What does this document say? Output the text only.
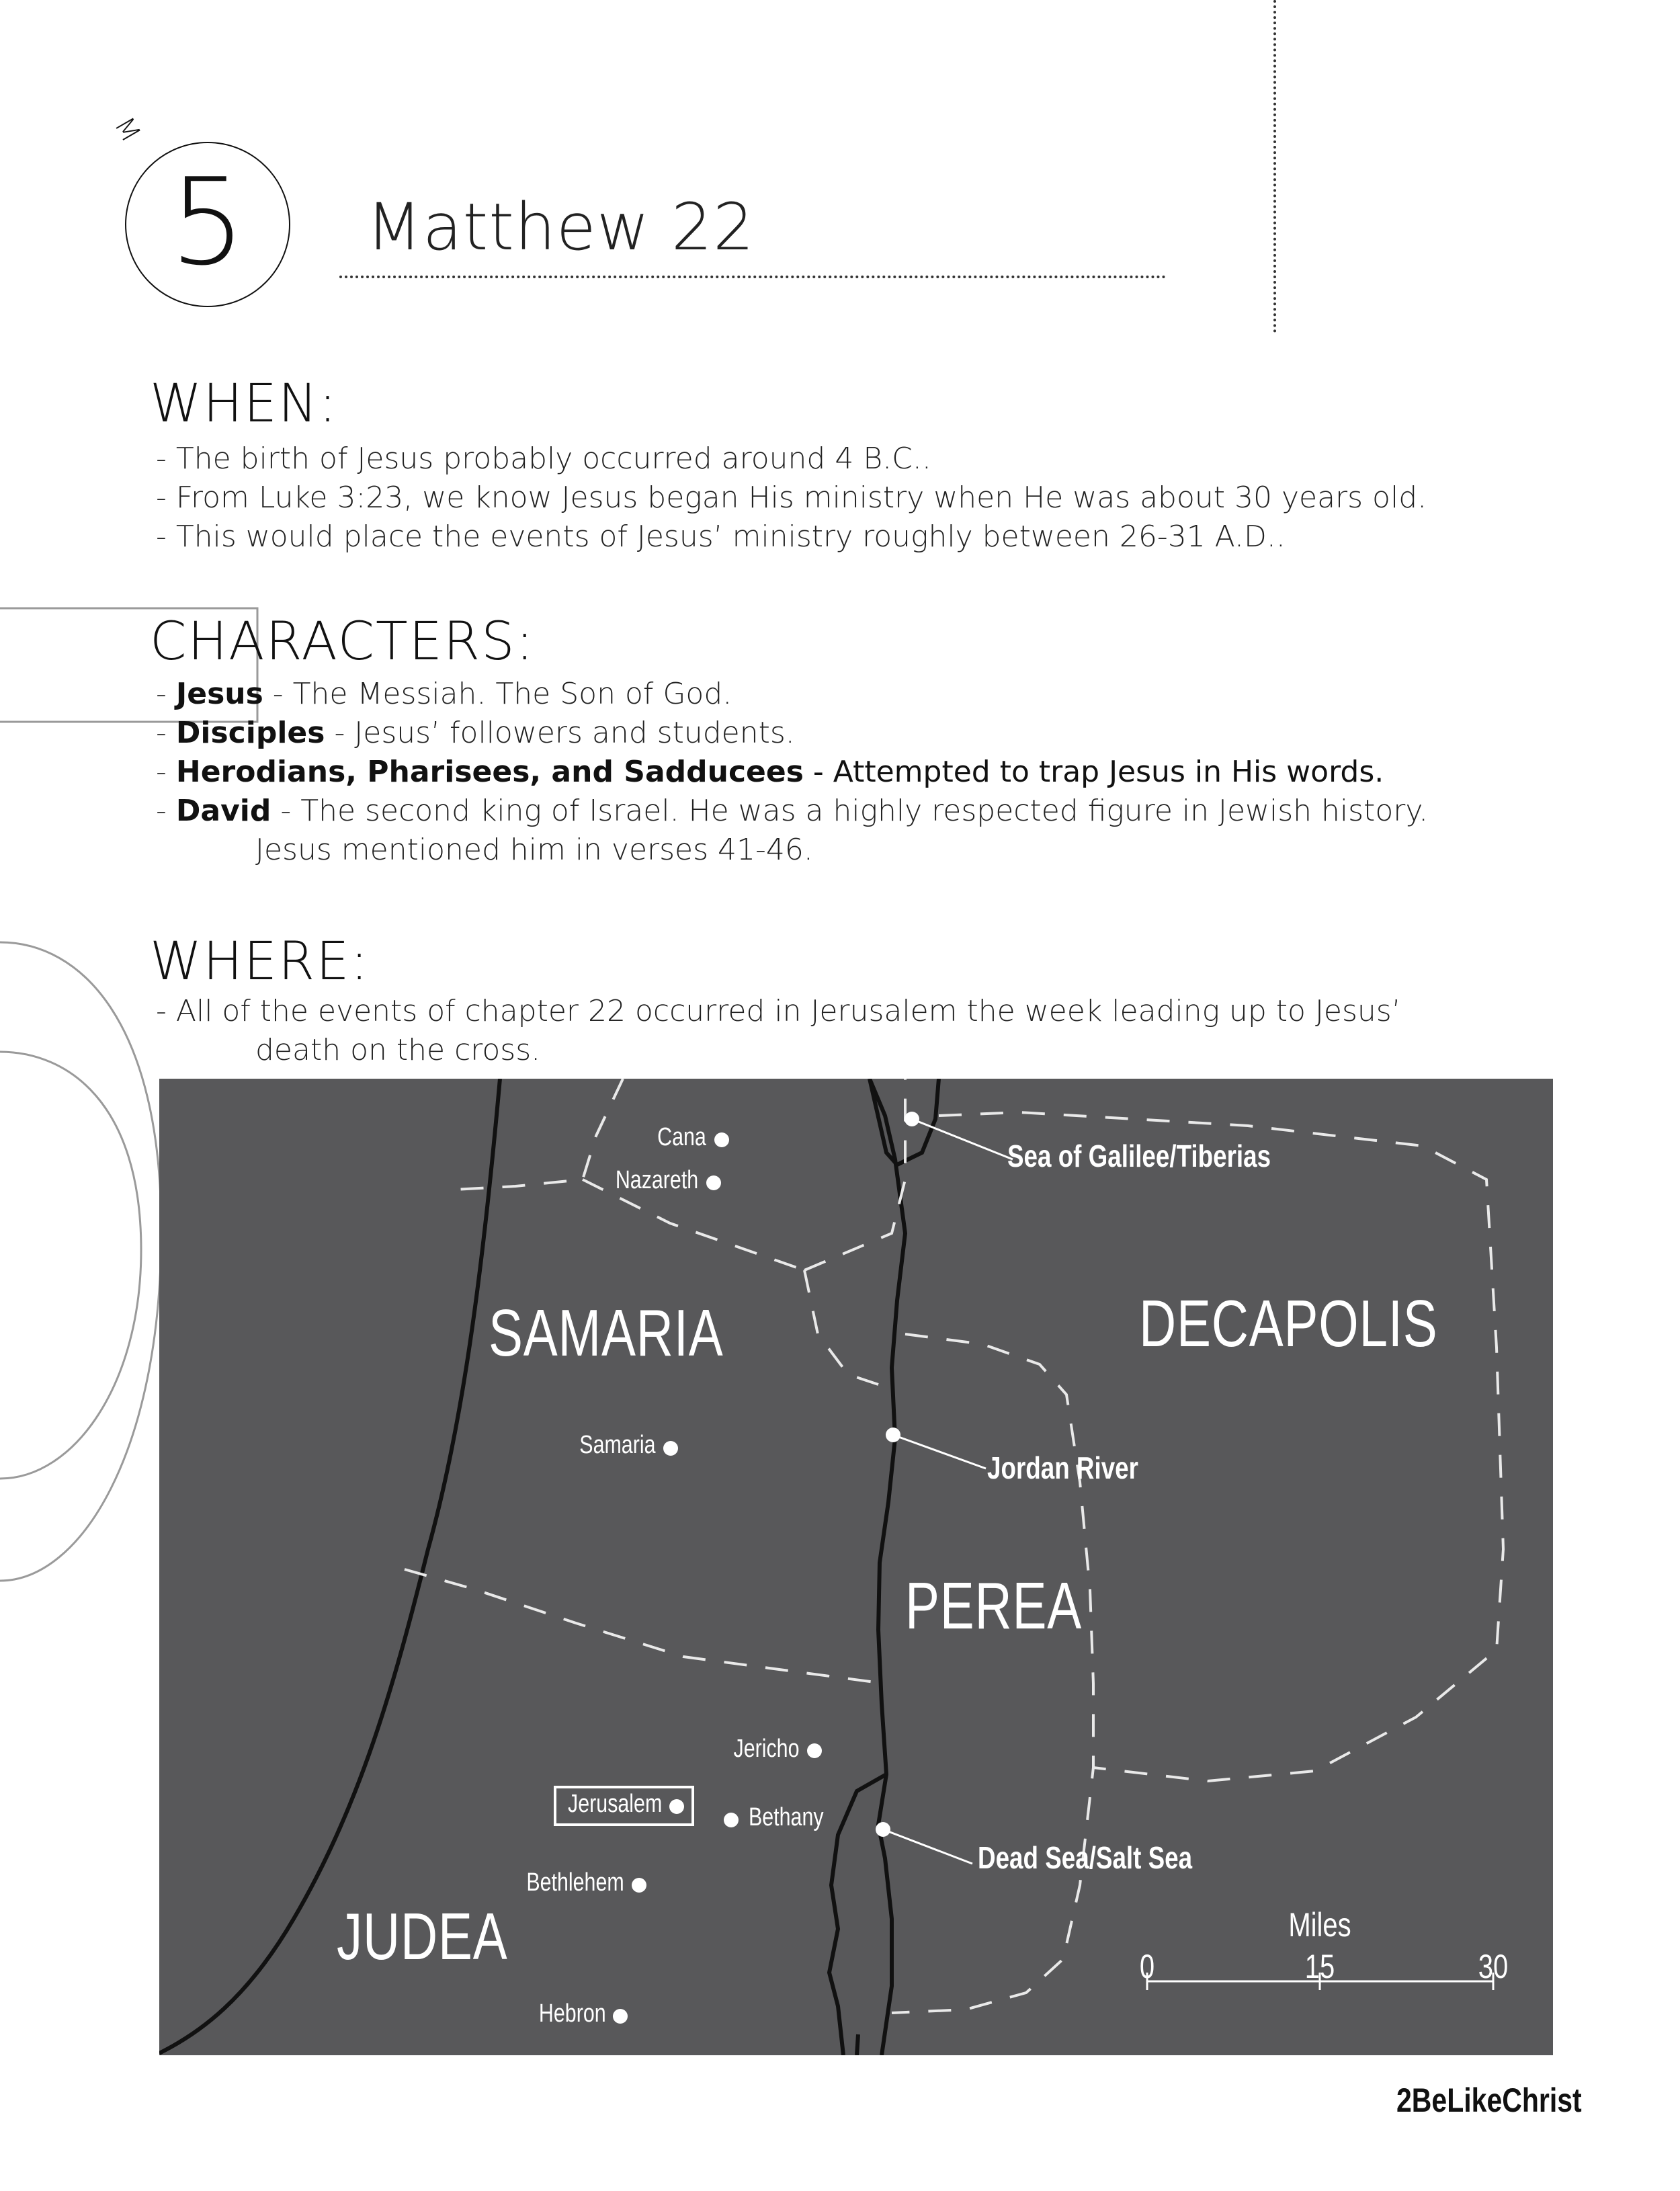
M
5 Matthew 22
WHEN:
- The birth of Jesus probably occurred around 4 B.C..
- From Luke 3:23, we know Jesus began His ministry when He was about 30 years old.
- This would place the events of Jesus’ ministry roughly between 26-31 A.D..
CHARACTERS:
- Jesus - The Messiah. The Son of God.
- Disciples - Jesus’ followers and students.
- Herodians, Pharisees, and Sadducees - Attempted to trap Jesus in His words.
- David - The second king of Israel. He was a highly respected figure in Jewish history.
Jesus mentioned him in verses 41-46.
WHERE:
- All of the events of chapter 22 occurred in Jerusalem the week leading up to Jesus’
death on the cross.
SAMARIA	DECAPOLIS
PEREA
JUDEA
Cana
Nazareth
Samaria
Jericho
Jerusalem	Bethany
Bethlehem
Hebron
Sea of Galilee/Tiberias
Jordan River
Dead Sea/Salt Sea
Miles
0	15	30
2BeLikeChrist
